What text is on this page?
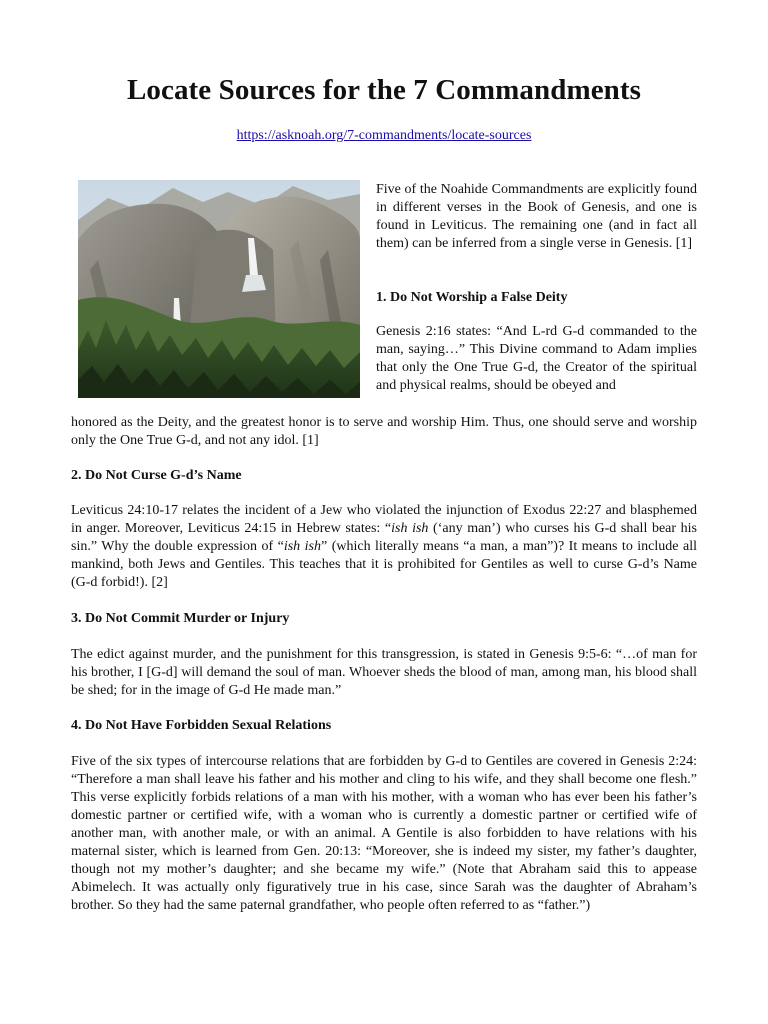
Locate Sources for the 7 Commandments
https://asknoah.org/7-commandments/locate-sources

Five of the Noahide Commandments are explicitly found in different verses in the Book of Genesis, and one is found in Leviticus. The remaining one (and in fact all them) can be inferred from a single verse in Genesis. [1]

1. Do Not Worship a False Deity

Genesis 2:16 states: “And L-rd G-d commanded to the man, saying…” This Divine command to Adam implies that only the One True G-d, the Creator of the spiritual and physical realms, should be obeyed and

honored as the Deity, and the greatest honor is to serve and worship Him. Thus, one should serve and worship only the One True G-d, and not any idol. [1]

2. Do Not Curse G-d’s Name

Leviticus 24:10-17 relates the incident of a Jew who violated the injunction of Exodus 22:27 and blasphemed in anger. Moreover, Leviticus 24:15 in Hebrew states: “ish ish (‘any man’) who curses his G-d shall bear his sin.” Why the double expression of “ish ish” (which literally means “a man, a man”)? It means to include all mankind, both Jews and Gentiles. This teaches that it is prohibited for Gentiles as well to curse G-d’s Name (G-d forbid!). [2]

3. Do Not Commit Murder or Injury

The edict against murder, and the punishment for this transgression, is stated in Genesis 9:5-6: “…of man for his brother, I [G-d] will demand the soul of man. Whoever sheds the blood of man, among man, his blood shall be shed; for in the image of G-d He made man.”

4. Do Not Have Forbidden Sexual Relations

Five of the six types of intercourse relations that are forbidden by G-d to Gentiles are covered in Genesis 2:24: “Therefore a man shall leave his father and his mother and cling to his wife, and they shall become one flesh.” This verse explicitly forbids relations of a man with his mother, with a woman who has ever been his father’s domestic partner or certified wife, with a woman who is currently a domestic partner or certified wife of another man, with another male, or with an animal. A Gentile is also forbidden to have relations with his maternal sister, which is learned from Gen. 20:13: “Moreover, she is indeed my sister, my father’s daughter, though not my mother’s daughter; and she became my wife.” (Note that Abraham said this to appease Abimelech. It was actually only figuratively true in his case, since Sarah was the daughter of Abraham’s brother. So they had the same paternal grandfather, who people often referred to as “father.”)
